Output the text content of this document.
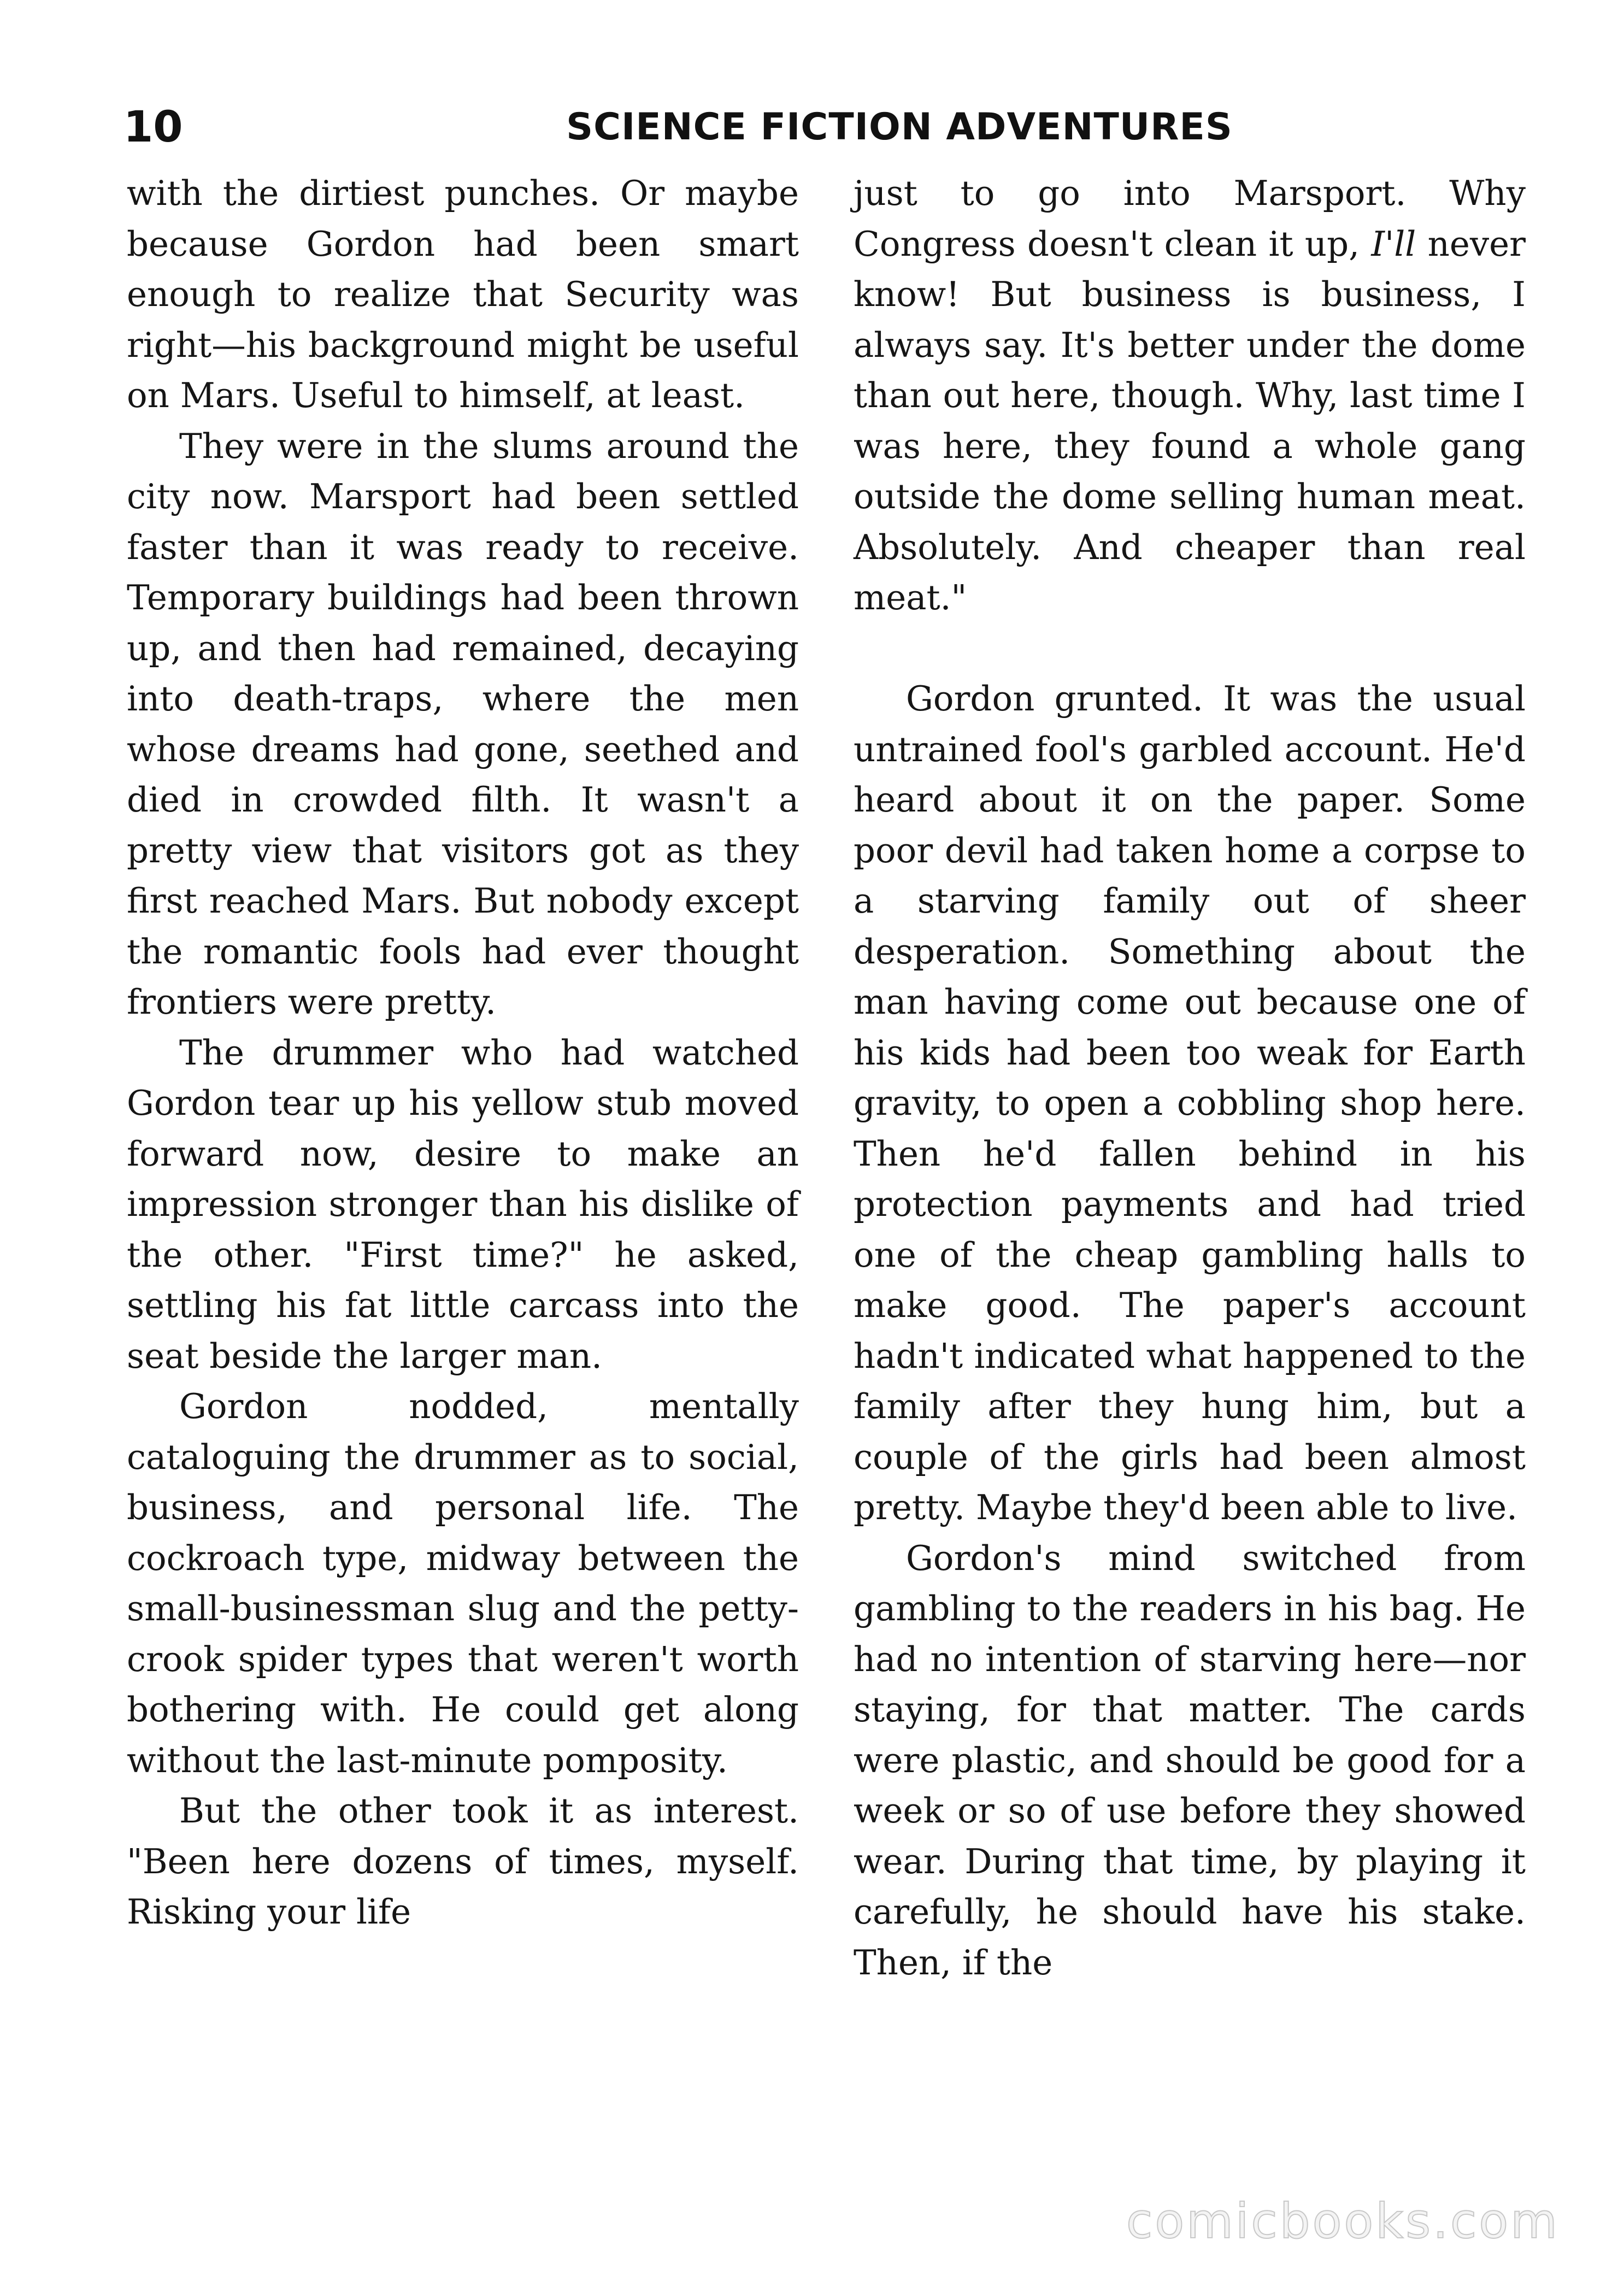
10	SCIENCE FICTION ADVENTURES

with the dirtiest punches. Or maybe because Gordon had been smart enough to realize that Security was right—his background might be useful on Mars. Useful to himself, at least.

They were in the slums around the city now. Marsport had been settled faster than it was ready to receive. Temporary buildings had been thrown up, and then had remained, decaying into death-traps, where the men whose dreams had gone, seethed and died in crowded filth. It wasn't a pretty view that visitors got as they first reached Mars. But nobody except the romantic fools had ever thought frontiers were pretty.

The drummer who had watched Gordon tear up his yellow stub moved forward now, desire to make an impression stronger than his dislike of the other. "First time?" he asked, settling his fat little carcass into the seat beside the larger man.

Gordon nodded, mentally cataloguing the drummer as to social, business, and personal life. The cockroach type, midway between the small-businessman slug and the petty-crook spider types that weren't worth bothering with. He could get along without the last-minute pomposity.

But the other took it as interest. "Been here dozens of times, myself. Risking your life

just to go into Marsport. Why Congress doesn't clean it up, I'll never know! But business is business, I always say. It's better under the dome than out here, though. Why, last time I was here, they found a whole gang outside the dome selling human meat. Absolutely. And cheaper than real meat."

Gordon grunted. It was the usual untrained fool's garbled account. He'd heard about it on the paper. Some poor devil had taken home a corpse to a starving family out of sheer desperation. Something about the man having come out because one of his kids had been too weak for Earth gravity, to open a cobbling shop here. Then he'd fallen behind in his protection payments and had tried one of the cheap gambling halls to make good. The paper's account hadn't indicated what happened to the family after they hung him, but a couple of the girls had been almost pretty. Maybe they'd been able to live.

Gordon's mind switched from gambling to the readers in his bag. He had no intention of starving here—nor staying, for that matter. The cards were plastic, and should be good for a week or so of use before they showed wear. During that time, by playing it carefully, he should have his stake. Then, if the

comicbooks.com
